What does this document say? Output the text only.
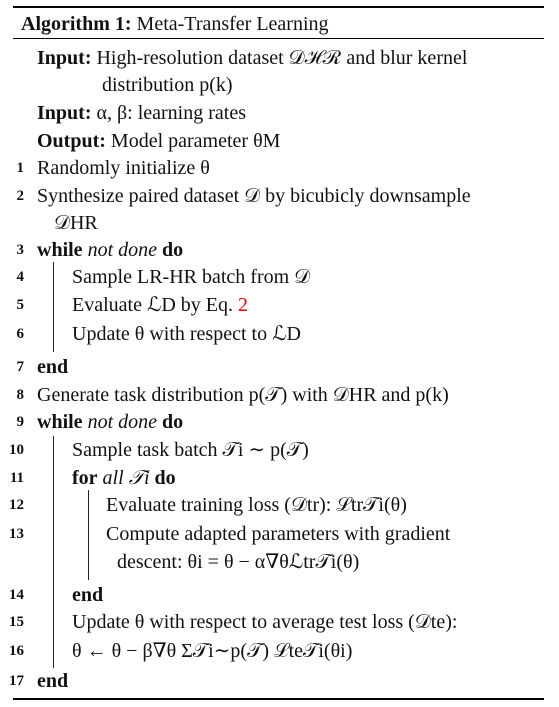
Algorithm 1: Meta-Transfer Learning
Input: High-resolution dataset 𝒟ℋℛ and blur kernel
distribution p(k)
Input: α, β: learning rates
Output: Model parameter θM
1 Randomly initialize θ
2 Synthesize paired dataset 𝒟 by bicubicly downsample
𝒟HR
3 while not done do
4 Sample LR-HR batch from 𝒟
5 Evaluate ℒD by Eq. 2
6 Update θ with respect to ℒD
7 end
8 Generate task distribution p(𝒯) with 𝒟HR and p(k)
9 while not done do
10 Sample task batch 𝒯i ∼ p(𝒯)
11 for all 𝒯i do
12	Evaluate training loss (𝒟tr): ℒtr𝒯i(θ)
13	Compute adapted parameters with gradient
descent: θi = θ − α∇θℒtr𝒯i(θ)
14 end
15 Update θ with respect to average test loss (𝒟te):
16 θ ← θ − β∇θ Σ𝒯i∼p(𝒯) ℒte𝒯i(θi)
17 end
